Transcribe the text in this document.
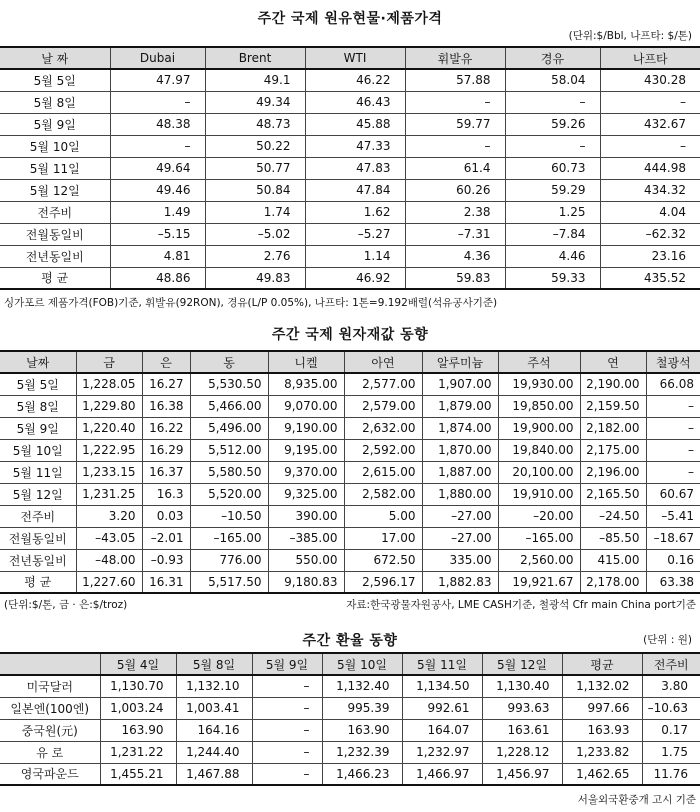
주간 국제 원유현물·제품가격
(단위:$/Bbl, 나프타: $/톤)
날 짜	Dubai	Brent	WTI	휘발유	경유	나프타
5월 5일	47.97	49.1	46.22	57.88	58.04	430.28
5월 8일	–	49.34	46.43	–	–	–
5월 9일	48.38	48.73	45.88	59.77	59.26	432.67
5월 10일	–	50.22	47.33	–	–	–
5월 11일	49.64	50.77	47.83	61.4	60.73	444.98
5월 12일	49.46	50.84	47.84	60.26	59.29	434.32
전주비	1.49	1.74	1.62	2.38	1.25	4.04
전월동일비	–5.15	–5.02	–5.27	–7.31	–7.84	–62.32
전년동일비	4.81	2.76	1.14	4.36	4.46	23.16
평 균	48.86	49.83	46.92	59.83	59.33	435.52
싱가포르 제품가격(FOB)기준, 휘발유(92RON), 경유(L/P 0.05%), 나프타: 1톤=9.192배럴(석유공사기준)
주간 국제 원자재값 동향
날짜	금	은	동	니켈	아연	알루미늄	주석	연	철광석
5월 5일	1,228.05	16.27	5,530.50	8,935.00	2,577.00	1,907.00	19,930.00	2,190.00	66.08
5월 8일	1,229.80	16.38	5,466.00	9,070.00	2,579.00	1,879.00	19,850.00	2,159.50	–
5월 9일	1,220.40	16.22	5,496.00	9,190.00	2,632.00	1,874.00	19,900.00	2,182.00	–
5월 10일	1,222.95	16.29	5,512.00	9,195.00	2,592.00	1,870.00	19,840.00	2,175.00	–
5월 11일	1,233.15	16.37	5,580.50	9,370.00	2,615.00	1,887.00	20,100.00	2,196.00	–
5월 12일	1,231.25	16.3	5,520.00	9,325.00	2,582.00	1,880.00	19,910.00	2,165.50	60.67
전주비	3.20	0.03	–10.50	390.00	5.00	–27.00	–20.00	–24.50	–5.41
전월동일비	–43.05	–2.01	–165.00	–385.00	17.00	–27.00	–165.00	–85.50	–18.67
전년동일비	–48.00	–0.93	776.00	550.00	672.50	335.00	2,560.00	415.00	0.16
평 균	1,227.60	16.31	5,517.50	9,180.83	2,596.17	1,882.83	19,921.67	2,178.00	63.38
(단위:$/톤, 금 · 은:$/troz)	자료:한국광물자원공사, LME CASH기준, 철광석 Cfr main China port기준
주간 환율 동향	(단위 : 원)
	5월 4일	5월 8일	5월 9일	5월 10일	5월 11일	5월 12일	평균	전주비
미국달러	1,130.70	1,132.10	–	1,132.40	1,134.50	1,130.40	1,132.02	3.80
일본엔(100엔)	1,003.24	1,003.41	–	995.39	992.61	993.63	997.66	–10.63
중국원(元)	163.90	164.16	–	163.90	164.07	163.61	163.93	0.17
유 로	1,231.22	1,244.40	–	1,232.39	1,232.97	1,228.12	1,233.82	1.75
영국파운드	1,455.21	1,467.88	–	1,466.23	1,466.97	1,456.97	1,462.65	11.76
서울외국환중개 고시 기준
